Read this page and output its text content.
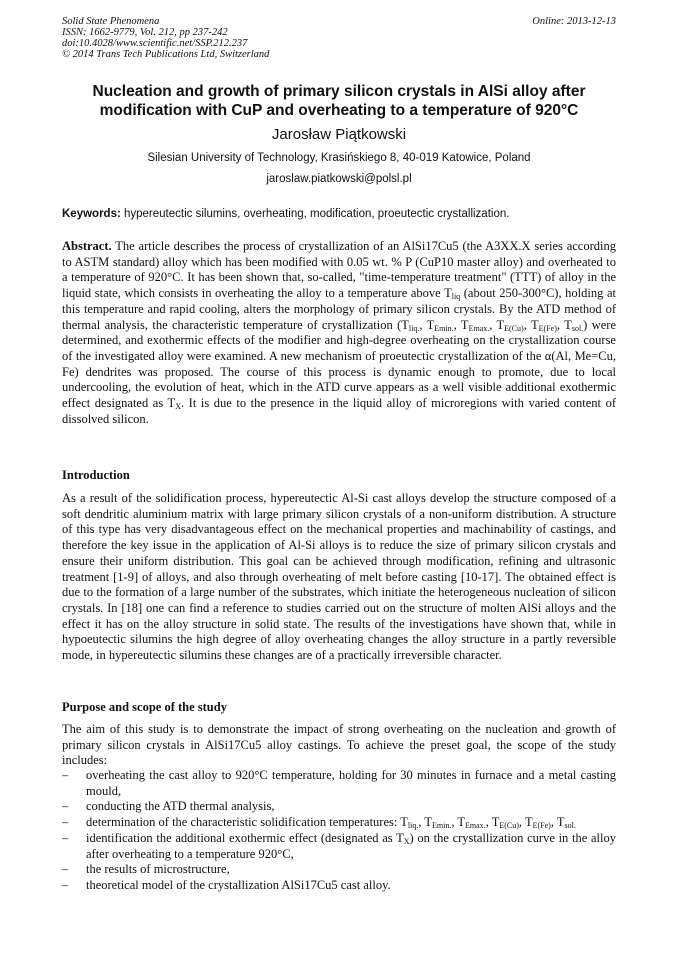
Solid State Phenomena
ISSN: 1662-9779, Vol. 212, pp 237-242
doi:10.4028/www.scientific.net/SSP.212.237
© 2014 Trans Tech Publications Ltd, Switzerland
Online: 2013-12-13
Nucleation and growth of primary silicon crystals in AlSi alloy after modification with CuP and overheating to a temperature of 920°C
Jarosław Piątkowski
Silesian University of Technology, Krasińskiego 8, 40-019 Katowice, Poland
jaroslaw.piatkowski@polsl.pl
Keywords: hypereutectic silumins, overheating, modification, proeutectic crystallization.
Abstract. The article describes the process of crystallization of an AlSi17Cu5 (the A3XX.X series according to ASTM standard) alloy which has been modified with 0.05 wt. % P (CuP10 master alloy) and overheated to a temperature of 920°C. It has been shown that, so-called, "time-temperature treatment" (TTT) of alloy in the liquid state, which consists in overheating the alloy to a temperature above $T_{liq}$ (about 250-300°C), holding at this temperature and rapid cooling, alters the morphology of primary silicon crystals. By the ATD method of thermal analysis, the characteristic temperature of crystallization ($T_{liq.}$, $T_{Emin.}$, $T_{Emax.}$, $T_{E(Cu)}$, $T_{E(Fe)}$, $T_{sol.}$) were determined, and exothermic effects of the modifier and high-degree overheating on the crystallization course of the investigated alloy were examined. A new mechanism of proeutectic crystallization of the α(Al, Me=Cu, Fe) dendrites was proposed. The course of this process is dynamic enough to promote, due to local undercooling, the evolution of heat, which in the ATD curve appears as a well visible additional exothermic effect designated as $T_X$. It is due to the presence in the liquid alloy of microregions with varied content of dissolved silicon.
Introduction
As a result of the solidification process, hypereutectic Al-Si cast alloys develop the structure composed of a soft dendritic aluminium matrix with large primary silicon crystals of a non-uniform distribution. A structure of this type has very disadvantageous effect on the mechanical properties and machinability of castings, and therefore the key issue in the application of Al-Si alloys is to reduce the size of primary silicon crystals and ensure their uniform distribution. This goal can be achieved through modification, refining and ultrasonic treatment [1-9] of alloys, and also through overheating of melt before casting [10-17]. The obtained effect is due to the formation of a large number of the substrates, which initiate the heterogeneous nucleation of silicon crystals. In [18] one can find a reference to studies carried out on the structure of molten AlSi alloys and the effect it has on the alloy structure in solid state. The results of the investigations have shown that, while in hypoeutectic silumins the high degree of alloy overheating changes the alloy structure in a partly reversible mode, in hypereutectic silumins these changes are of a practically irreversible character.
Purpose and scope of the study
The aim of this study is to demonstrate the impact of strong overheating on the nucleation and growth of primary silicon crystals in AlSi17Cu5 alloy castings. To achieve the preset goal, the scope of the study includes:
– overheating the cast alloy to 920°C temperature, holding for 30 minutes in furnace and a metal casting mould,
– conducting the ATD thermal analysis,
– determination of the characteristic solidification temperatures: $T_{liq.}$, $T_{Emin.}$, $T_{Emax.}$, $T_{E(Cu)}$, $T_{E(Fe)}$, $T_{sol.}$
– identification the additional exothermic effect (designated as $T_X$) on the crystallization curve in the alloy after overheating to a temperature 920°C,
– the results of microstructure,
– theoretical model of the crystallization AlSi17Cu5 cast alloy.
